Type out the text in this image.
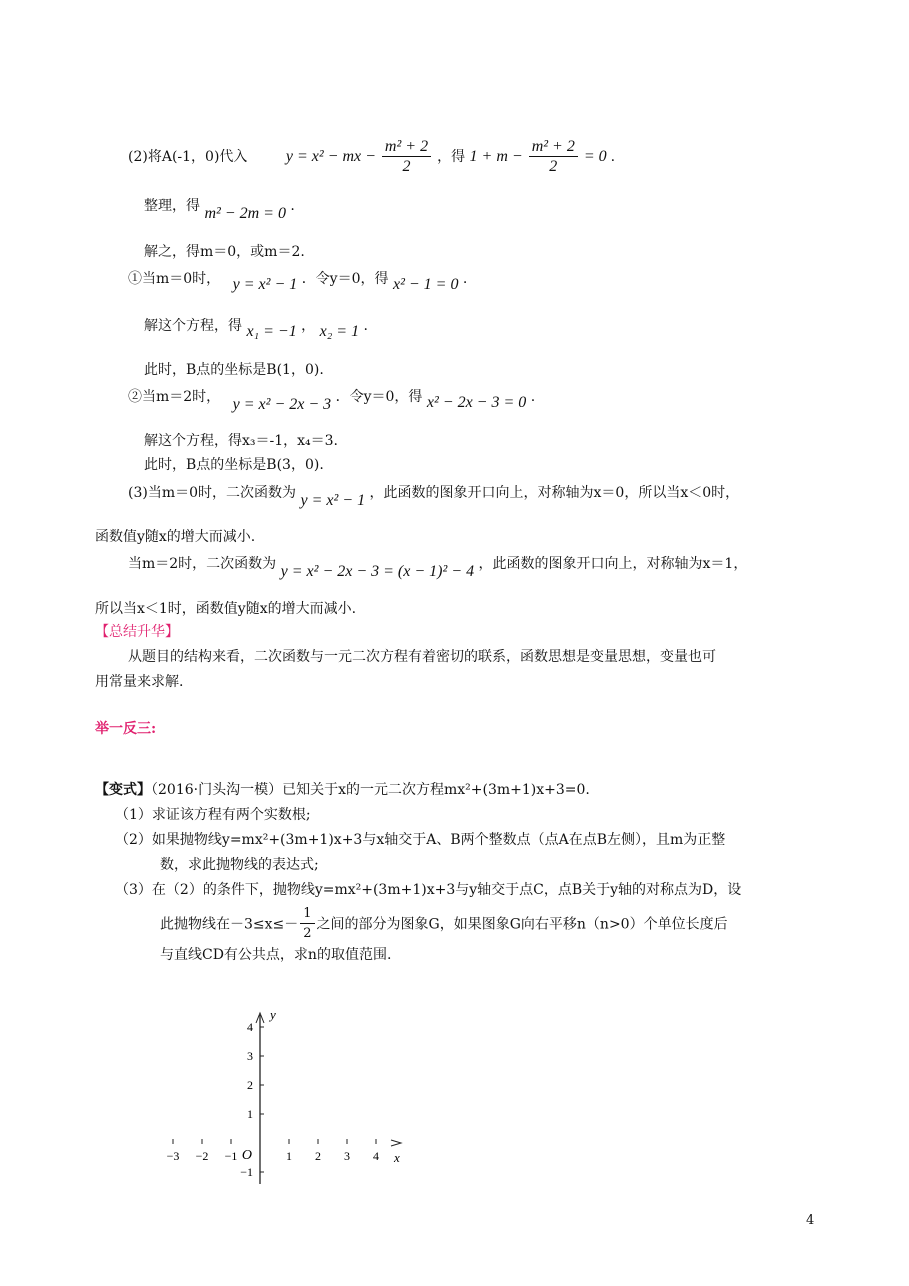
(2)将A(-1，0)代入 y = x² − mx − $\frac{\text{m² + 2}}{2}$ ，得 $1 + m - \frac{\text{m² + 2}}{2} = 0$ .
整理，得 m² − 2m = 0 .
解之，得m＝0，或m＝2.
①当m＝0时， y = x² − 1 ．令y＝0，得 x² − 1 = 0 .
解这个方程，得 x₁ = −1 ， x₂ = 1 .
此时，B点的坐标是B(1，0).
②当m＝2时， y = x² − 2x − 3 ．令y＝0，得 x² − 2x − 3 = 0 .
解这个方程，得x₃＝-1，x₄＝3.
此时，B点的坐标是B(3，0).
(3)当m＝0时，二次函数为 y = x² − 1 ，此函数的图象开口向上，对称轴为x＝0，所以当x＜0时，
函数值y随x的增大而减小.
当m＝2时，二次函数为 y = x² − 2x − 3 = (x − 1)² − 4 ，此函数的图象开口向上，对称轴为x＝1，
所以当x＜1时，函数值y随x的增大而减小.
【总结升华】
从题目的结构来看，二次函数与一元二次方程有着密切的联系，函数思想是变量思想，变量也可
用常量来求解.
举一反三:
【变式】（2016·门头沟一模）已知关于x的一元二次方程mx²+(3m+1)x+3=0.
（1）求证该方程有两个实数根;
（2）如果抛物线y=mx²+(3m+1)x+3与x轴交于A、B两个整数点（点A在点B左侧），且m为正整
数，求此抛物线的表达式;
（3）在（2）的条件下，抛物线y=mx²+(3m+1)x+3与y轴交于点C，点B关于y轴的对称点为D，设
此抛物线在$-3\le x\le- \frac{1}{2}$ 之间的部分为图象G，如果图象G向右平移n（n>0）个单位长度后
与直线CD有公共点，求n的取值范围.
−3 −2 −1	1 2 3 4 x
y
−1
1
2
3
4
O
4
